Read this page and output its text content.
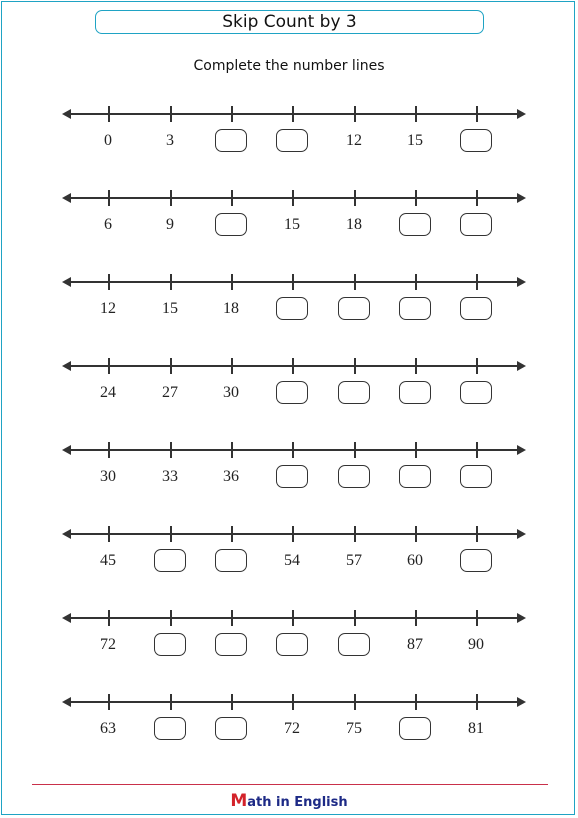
Skip Count by 3
Complete the number lines
0	3	12	15
6	9	15	18
12	15	18
24	27	30
30	33	36
45	54	57	60
72	87	90
63	72	75	81
Math in English
